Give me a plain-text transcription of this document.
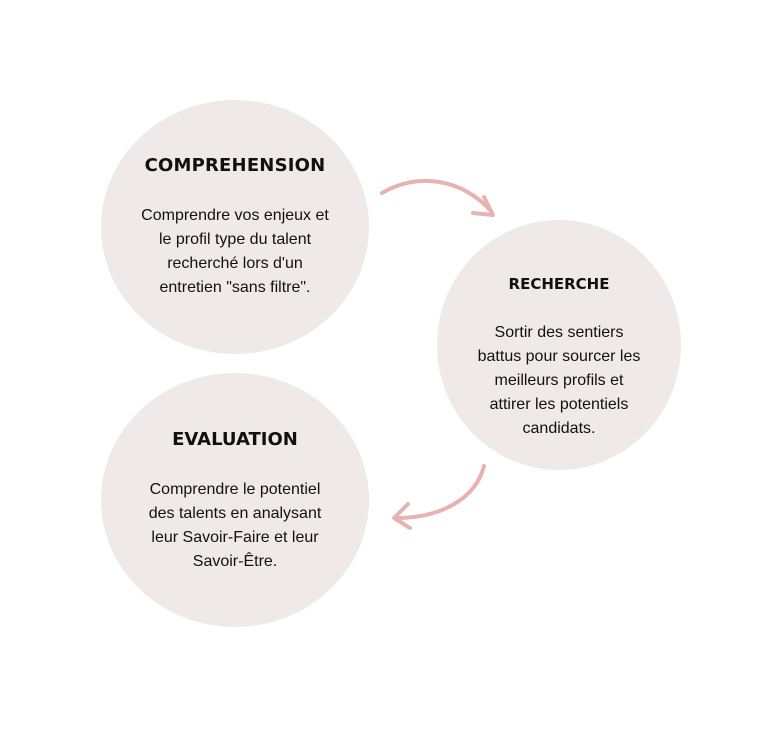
COMPREHENSION

Comprendre vos enjeux et
le profil type du talent
recherché lors d'un
entretien "sans filtre".	RECHERCHE

Sortir des sentiers
battus pour sourcer les
meilleurs profils et
attirer les potentiels
candidats.

EVALUATION

Comprendre le potentiel
des talents en analysant
leur Savoir-Faire et leur
Savoir-Être.
